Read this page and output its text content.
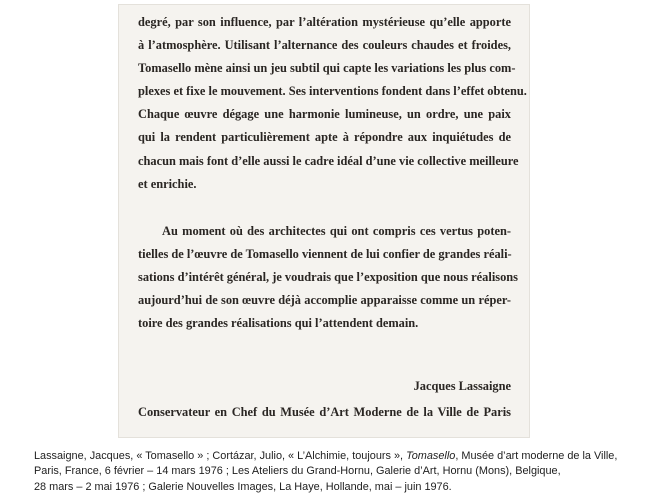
degré, par son influence, par l’altération mystérieuse qu’elle apporte
à l’atmosphère. Utilisant l’alternance des couleurs chaudes et froides,
Tomasello mène ainsi un jeu subtil qui capte les variations les plus com-
plexes et fixe le mouvement. Ses interventions fondent dans l’effet obtenu.
Chaque œuvre dégage une harmonie lumineuse, un ordre, une paix
qui la rendent particulièrement apte à répondre aux inquiétudes de
chacun mais font d’elle aussi le cadre idéal d’une vie collective meilleure
et enrichie.

Au moment où des architectes qui ont compris ces vertus poten-
tielles de l’œuvre de Tomasello viennent de lui confier de grandes réali-
sations d’intérêt général, je voudrais que l’exposition que nous réalisons
aujourd’hui de son œuvre déjà accomplie apparaisse comme un réper-
toire des grandes réalisations qui l’attendent demain.

Jacques Lassaigne
Conservateur en Chef du Musée d’Art Moderne de la Ville de Paris
Lassaigne, Jacques, « Tomasello » ; Cortázar, Julio, « L’Alchimie, toujours », Tomasello, Musée d’art moderne de la Ville,
Paris, France, 6 février – 14 mars 1976 ; Les Ateliers du Grand-Hornu, Galerie d’Art, Hornu (Mons), Belgique,
28 mars – 2 mai 1976 ; Galerie Nouvelles Images, La Haye, Hollande, mai – juin 1976.
